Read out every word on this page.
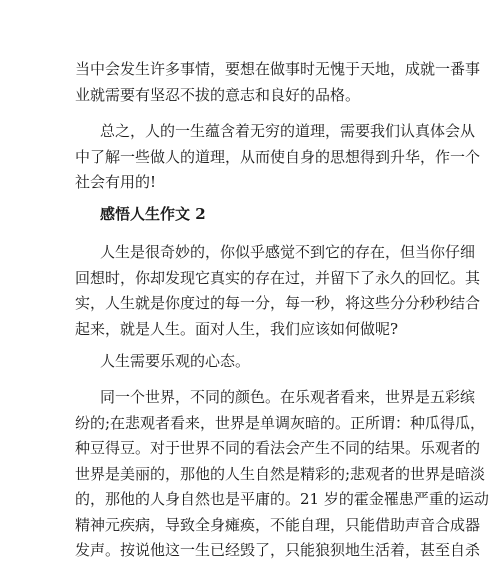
当中会发生许多事情，要想在做事时无愧于天地，成就一番事
业就需要有坚忍不拔的意志和良好的品格。

总之，人的一生蕴含着无穷的道理，需要我们认真体会从
中了解一些做人的道理，从而使自身的思想得到升华，作一个
社会有用的!

感悟人生作文 2

人生是很奇妙的，你似乎感觉不到它的存在，但当你仔细
回想时，你却发现它真实的存在过，并留下了永久的回忆。其
实，人生就是你度过的每一分，每一秒，将这些分分秒秒结合
起来，就是人生。面对人生，我们应该如何做呢?

人生需要乐观的心态。

同一个世界，不同的颜色。在乐观者看来，世界是五彩缤
纷的;在悲观者看来，世界是单调灰暗的。正所谓：种瓜得瓜，
种豆得豆。对于世界不同的看法会产生不同的结果。乐观者的
世界是美丽的，那他的人生自然是精彩的;悲观者的世界是暗淡
的，那他的人身自然也是平庸的。21 岁的霍金罹患严重的运动
精神元疾病，导致全身瘫痪，不能自理，只能借助声音合成器
发声。按说他这一生已经毁了，只能狼狈地生活着，甚至自杀
